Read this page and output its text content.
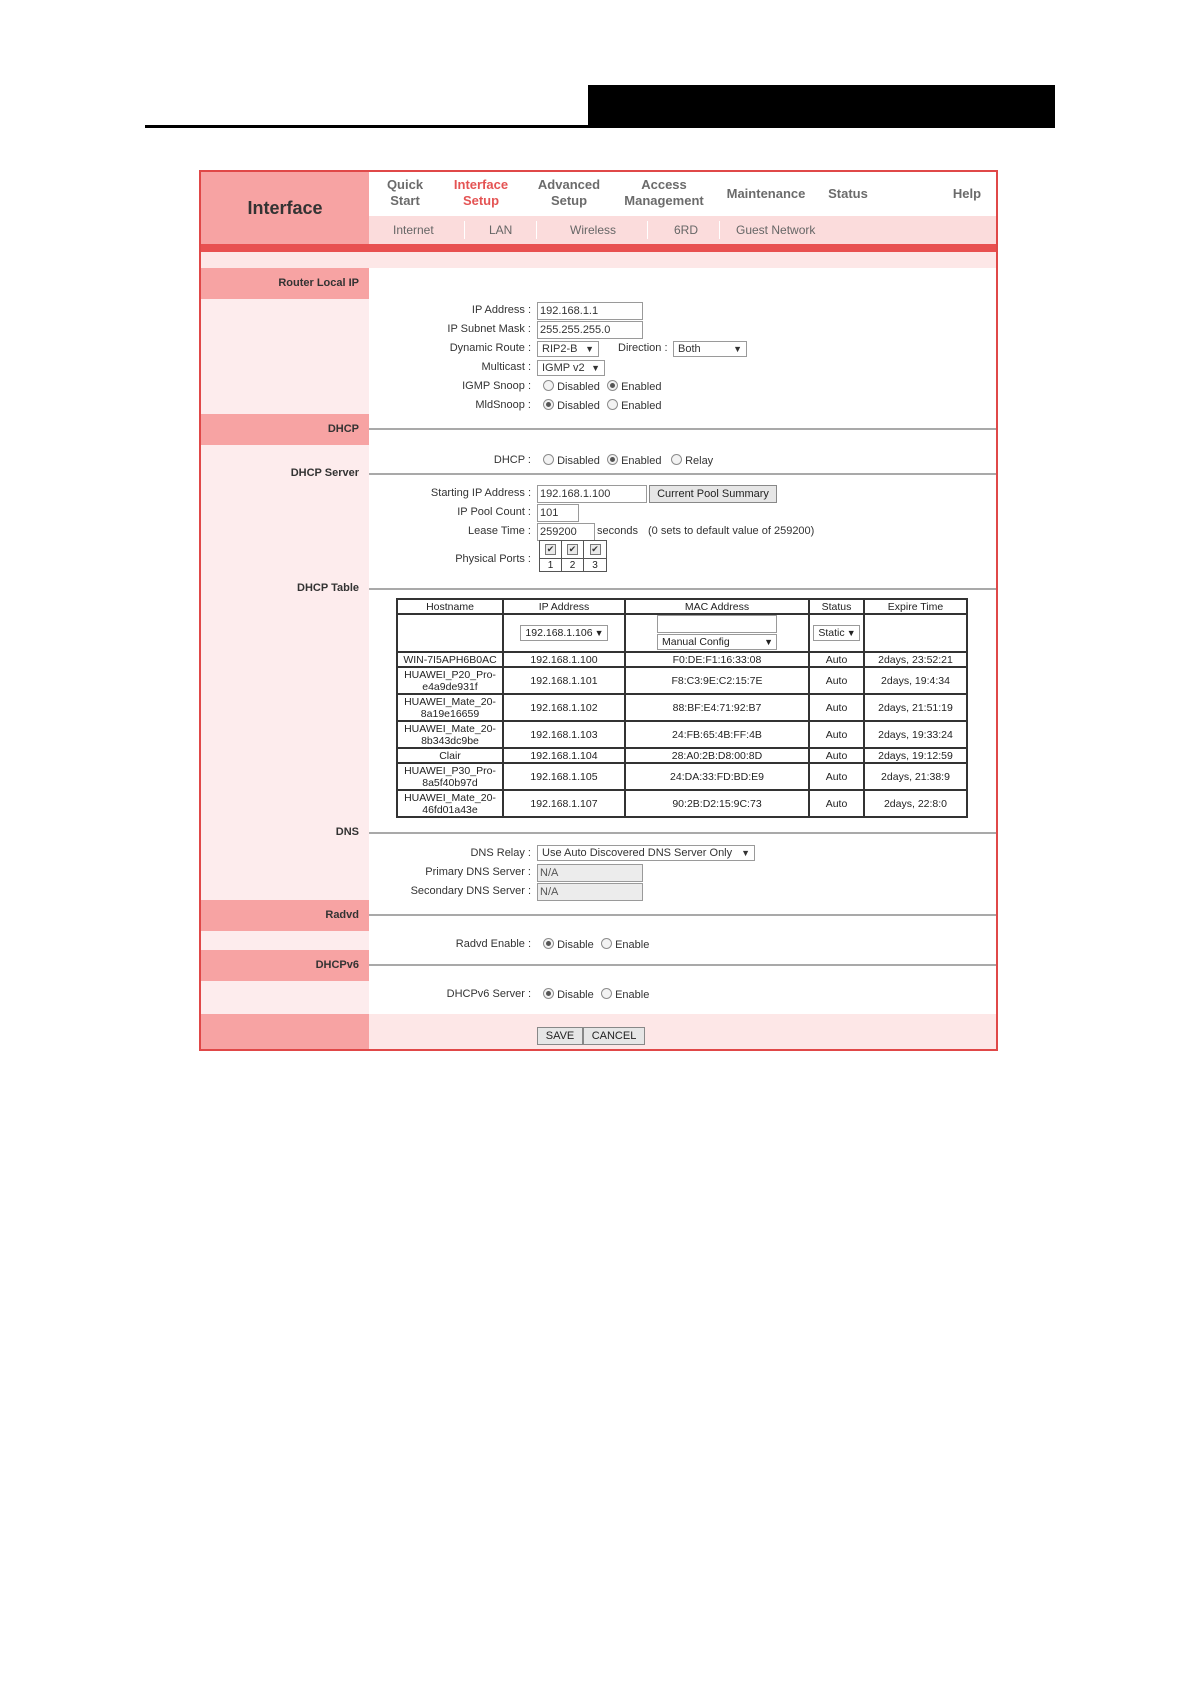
Interface
Quick
Start
Interface
Setup
Advanced
Setup
Access
Management	Maintenance	Status	Help
Internet	LAN	Wireless	6RD	Guest Network
Router Local IP
IP Address : 192.168.1.1
IP Subnet Mask : 255.255.255.0
Dynamic Route :	RIP2-B ▼ Direction : Both	▼
Multicast :	IGMP v2 ▼
IGMP Snoop :	Disabled	Enabled
MldSnoop :	Disabled	Enabled
DHCP
DHCP :	Disabled	Enabled	Relay
DHCP Server
Starting IP Address : 192.168.1.100	Current Pool Summary
IP Pool Count : 101
Lease Time : 259200	seconds (0 sets to default value of 259200)
Physical Ports :
✔ ✔ ✔
1	2	3
DHCP Table
Hostname	IP Address	MAC Address	Status	Expire Time
	192.168.1.106 ▼	Manual Config ▼	Static ▼	

WIN-7I5APH6B0AC	192.168.1.100	F0:DE:F1:16:33:08	Auto	2days, 23:52:21
HUAWEI_P20_Pro-
e4a9de931f	192.168.1.101	F8:C3:9E:C2:15:7E	Auto	2days, 19:4:34
HUAWEI_Mate_20-
8a19e16659	192.168.1.102	88:BF:E4:71:92:B7	Auto	2days, 21:51:19
HUAWEI_Mate_20-
8b343dc9be	192.168.1.103	24:FB:65:4B:FF:4B	Auto	2days, 19:33:24
Clair	192.168.1.104	28:A0:2B:D8:00:8D	Auto	2days, 19:12:59
HUAWEI_P30_Pro-
8a5f40b97d	192.168.1.105	24:DA:33:FD:BD:E9	Auto	2days, 21:38:9
HUAWEI_Mate_20-
46fd01a43e	192.168.1.107	90:2B:D2:15:9C:73	Auto	2days, 22:8:0
DNS
DNS Relay :	Use Auto Discovered DNS Server Only ▼
Primary DNS Server : N/A
Secondary DNS Server : N/A
Radvd
Radvd Enable :	Disable	Enable
DHCPv6
DHCPv6 Server :	Disable	Enable
SAVE	CANCEL
